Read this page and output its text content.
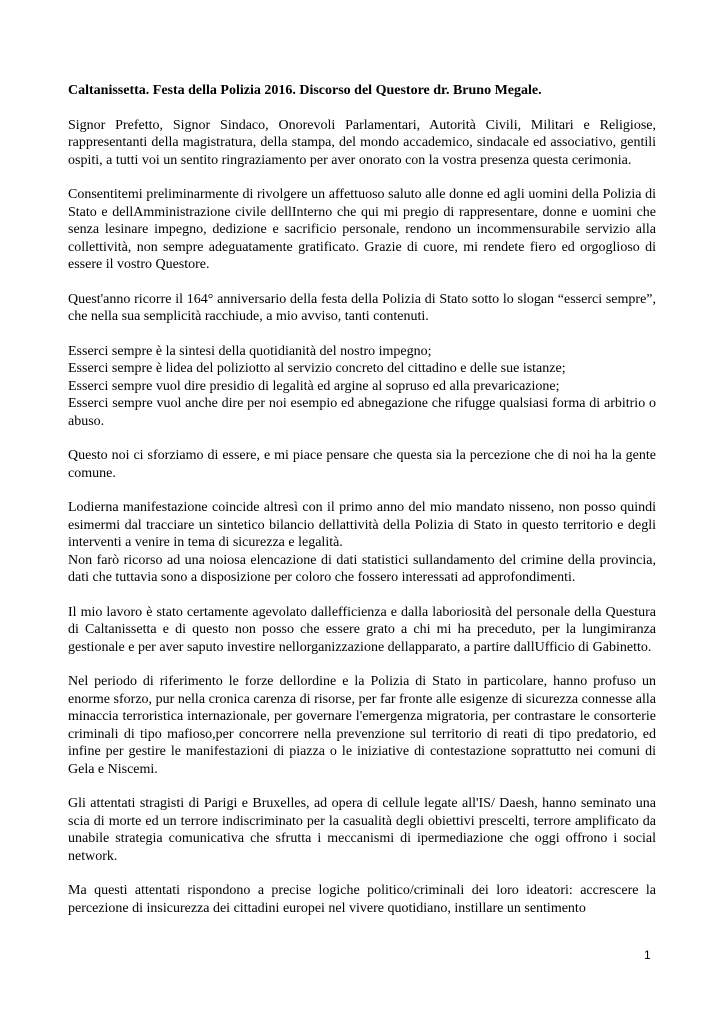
Caltanissetta. Festa della Polizia 2016. Discorso del Questore dr. Bruno Megale.

Signor Prefetto, Signor Sindaco, Onorevoli Parlamentari, Autorità Civili, Militari e Religiose, rappresentanti della magistratura, della stampa, del mondo accademico, sindacale ed associativo, gentili ospiti, a tutti voi un sentito ringraziamento per aver onorato con la vostra presenza questa cerimonia.

Consentitemi preliminarmente di rivolgere un affettuoso saluto alle donne ed agli uomini della Polizia di Stato e dellAmministrazione civile dellInterno che qui mi pregio di rappresentare, donne e uomini che senza lesinare impegno, dedizione e sacrificio personale, rendono un incommensurabile servizio alla collettività, non sempre adeguatamente gratificato. Grazie di cuore, mi rendete fiero ed orgoglioso di essere il vostro Questore.

Quest'anno ricorre il 164° anniversario della festa della Polizia di Stato sotto lo slogan “esserci sempre”, che nella sua semplicità racchiude, a mio avviso, tanti contenuti.

Esserci sempre è la sintesi della quotidianità del nostro impegno;
Esserci sempre è lidea del poliziotto al servizio concreto del cittadino e delle sue istanze;
Esserci sempre vuol dire presidio di legalità ed argine al sopruso ed alla prevaricazione;
Esserci sempre vuol anche dire per noi esempio ed abnegazione che rifugge qualsiasi forma di arbitrio o abuso.

Questo noi ci sforziamo di essere, e mi piace pensare che questa sia la percezione che di noi ha la gente comune.

Lodierna manifestazione coincide altresì con il primo anno del mio mandato nisseno, non posso quindi esimermi dal tracciare un sintetico bilancio dellattività della Polizia di Stato in questo territorio e degli interventi a venire in tema di sicurezza e legalità.
Non farò ricorso ad una noiosa elencazione di dati statistici sullandamento del crimine della provincia, dati che tuttavia sono a disposizione per coloro che fossero interessati ad approfondimenti.

Il mio lavoro è stato certamente agevolato dallefficienza e dalla laboriosità del personale della Questura di Caltanissetta e di questo non posso che essere grato a chi mi ha preceduto, per la lungimiranza gestionale e per aver saputo investire nellorganizzazione dellapparato, a partire dallUfficio di Gabinetto.

Nel periodo di riferimento le forze dellordine e la Polizia di Stato in particolare, hanno profuso un enorme sforzo, pur nella cronica carenza di risorse, per far fronte alle esigenze di sicurezza connesse alla minaccia terroristica internazionale, per governare l'emergenza migratoria, per contrastare le consorterie criminali di tipo mafioso,per concorrere nella prevenzione sul territorio di reati di tipo predatorio, ed infine per gestire le manifestazioni di piazza o le iniziative di contestazione soprattutto nei comuni di Gela e Niscemi.

Gli attentati stragisti di Parigi e Bruxelles, ad opera di cellule legate all'IS/ Daesh, hanno seminato una scia di morte ed un terrore indiscriminato per la casualità degli obiettivi prescelti, terrore amplificato da unabile strategia comunicativa che sfrutta i meccanismi di ipermediazione che oggi offrono i social network.

Ma questi attentati rispondono a precise logiche politico/criminali dei loro ideatori: accrescere la percezione di insicurezza dei cittadini europei nel vivere quotidiano, instillare un sentimento

1
